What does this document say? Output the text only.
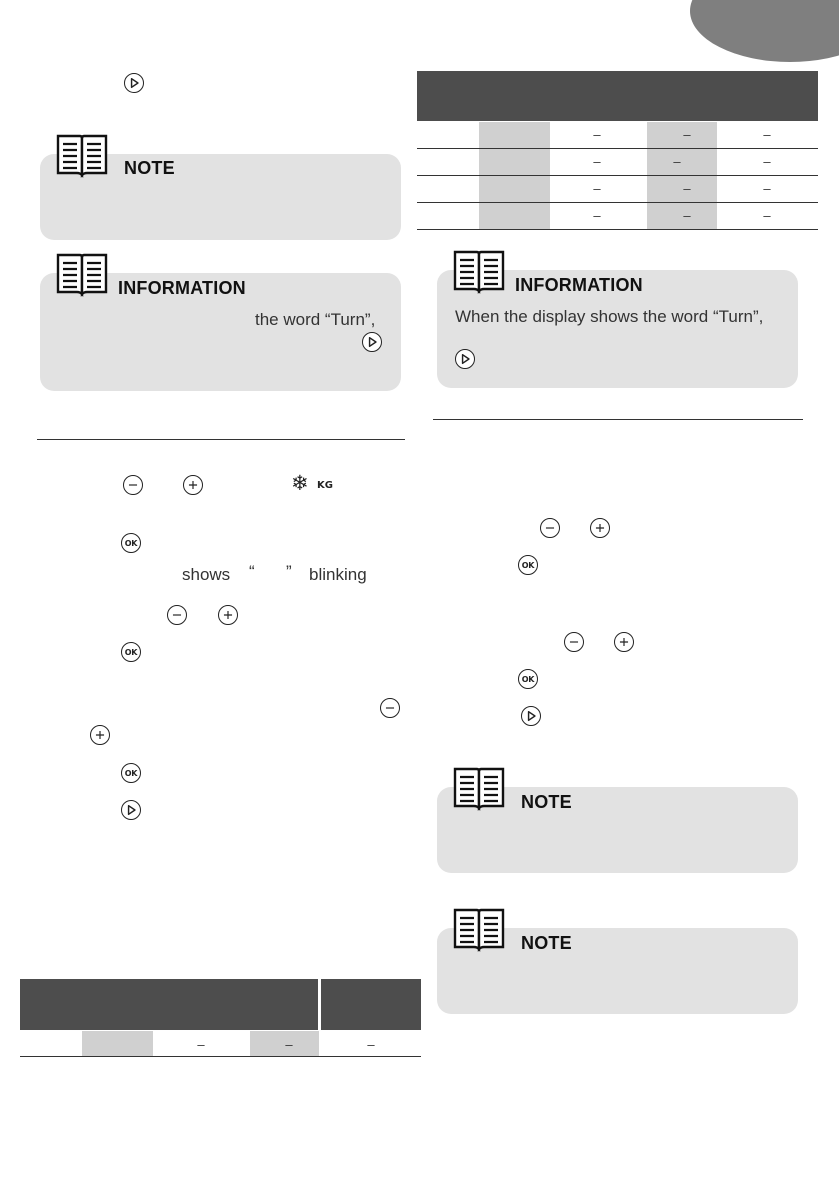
NOTE
INFORMATION
the word “Turn”,
❄ KG
OK
shows “ ” blinking
OK
OK
–	–	–
–	–	–
–	–	–
–	–	–
–	–	–
INFORMATION
When the display shows the word “Turn”,
OK
OK
NOTE
NOTE
